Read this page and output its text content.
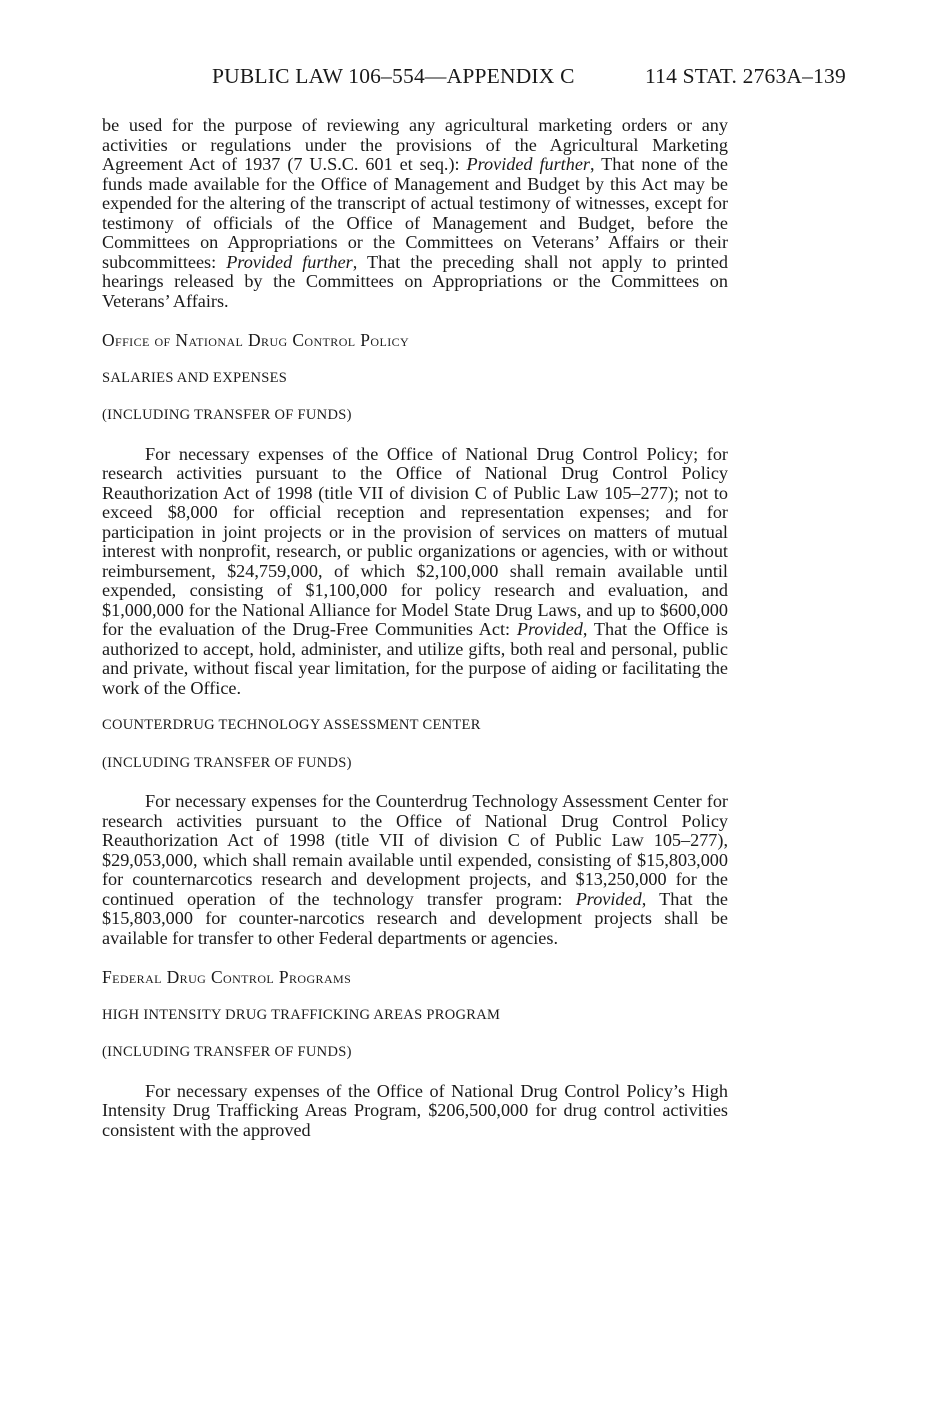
PUBLIC LAW 106–554—APPENDIX C	114 STAT. 2763A–139

be used for the purpose of reviewing any agricultural marketing orders or any activities or regulations under the provisions of the Agricultural Marketing Agreement Act of 1937 (7 U.S.C. 601 et seq.): Provided further, That none of the funds made available for the Office of Management and Budget by this Act may be expended for the altering of the transcript of actual testimony of witnesses, except for testimony of officials of the Office of Management and Budget, before the Committees on Appropriations or the Committees on Veterans’ Affairs or their subcommittees: Provided further, That the preceding shall not apply to printed hearings released by the Committees on Appropriations or the Committees on Veterans’ Affairs.

Office of National Drug Control Policy

SALARIES AND EXPENSES

(INCLUDING TRANSFER OF FUNDS)

For necessary expenses of the Office of National Drug Control Policy; for research activities pursuant to the Office of National Drug Control Policy Reauthorization Act of 1998 (title VII of division C of Public Law 105–277); not to exceed $8,000 for official reception and representation expenses; and for participation in joint projects or in the provision of services on matters of mutual interest with nonprofit, research, or public organizations or agencies, with or without reimbursement, $24,759,000, of which $2,100,000 shall remain available until expended, consisting of $1,100,000 for policy research and evaluation, and $1,000,000 for the National Alliance for Model State Drug Laws, and up to $600,000 for the evaluation of the Drug-Free Communities Act: Provided, That the Office is authorized to accept, hold, administer, and utilize gifts, both real and personal, public and private, without fiscal year limitation, for the purpose of aiding or facilitating the work of the Office.

COUNTERDRUG TECHNOLOGY ASSESSMENT CENTER

(INCLUDING TRANSFER OF FUNDS)

For necessary expenses for the Counterdrug Technology Assessment Center for research activities pursuant to the Office of National Drug Control Policy Reauthorization Act of 1998 (title VII of division C of Public Law 105–277), $29,053,000, which shall remain available until expended, consisting of $15,803,000 for counternarcotics research and development projects, and $13,250,000 for the continued operation of the technology transfer program: Provided, That the $15,803,000 for counter-narcotics research and development projects shall be available for transfer to other Federal departments or agencies.

Federal Drug Control Programs

HIGH INTENSITY DRUG TRAFFICKING AREAS PROGRAM

(INCLUDING TRANSFER OF FUNDS)

For necessary expenses of the Office of National Drug Control Policy’s High Intensity Drug Trafficking Areas Program, $206,500,000 for drug control activities consistent with the approved
